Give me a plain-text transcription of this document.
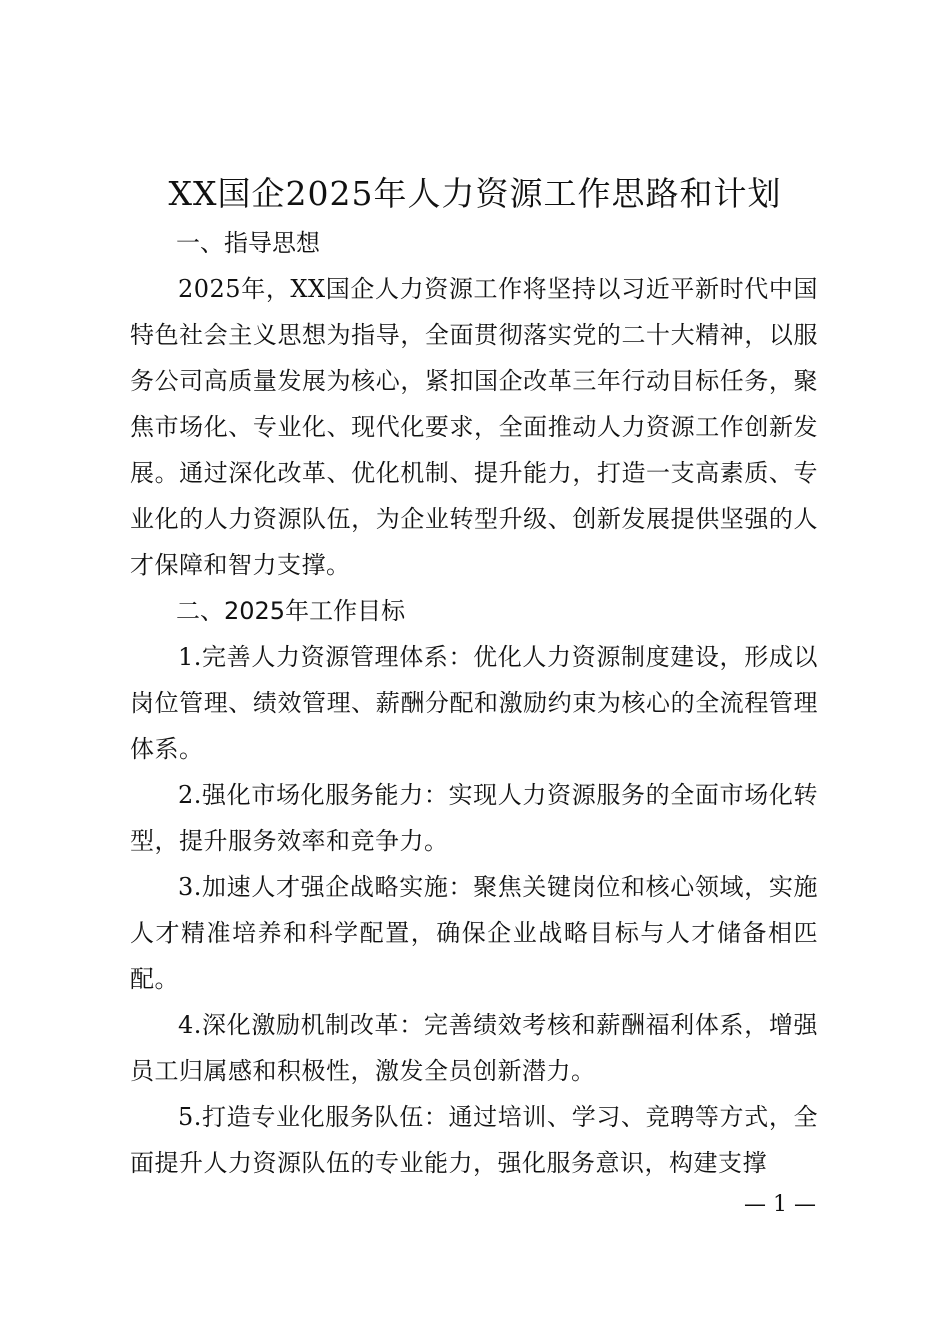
XX国企2025年人力资源工作思路和计划
一、指导思想
2025年，XX国企人力资源工作将坚持以习近平新时代中国特色社会主义思想为指导，全面贯彻落实党的二十大精神，以服务公司高质量发展为核心，紧扣国企改革三年行动目标任务，聚焦市场化、专业化、现代化要求，全面推动人力资源工作创新发展。通过深化改革、优化机制、提升能力，打造一支高素质、专业化的人力资源队伍，为企业转型升级、创新发展提供坚强的人才保障和智力支撑。
二、2025年工作目标
1.完善人力资源管理体系：优化人力资源制度建设，形成以岗位管理、绩效管理、薪酬分配和激励约束为核心的全流程管理体系。
2.强化市场化服务能力：实现人力资源服务的全面市场化转型，提升服务效率和竞争力。
3.加速人才强企战略实施：聚焦关键岗位和核心领域，实施人才精准培养和科学配置，确保企业战略目标与人才储备相匹配。
4.深化激励机制改革：完善绩效考核和薪酬福利体系，增强员工归属感和积极性，激发全员创新潜力。
5.打造专业化服务队伍：通过培训、学习、竞聘等方式，全面提升人力资源队伍的专业能力，强化服务意识，构建支撑
— 1 —
